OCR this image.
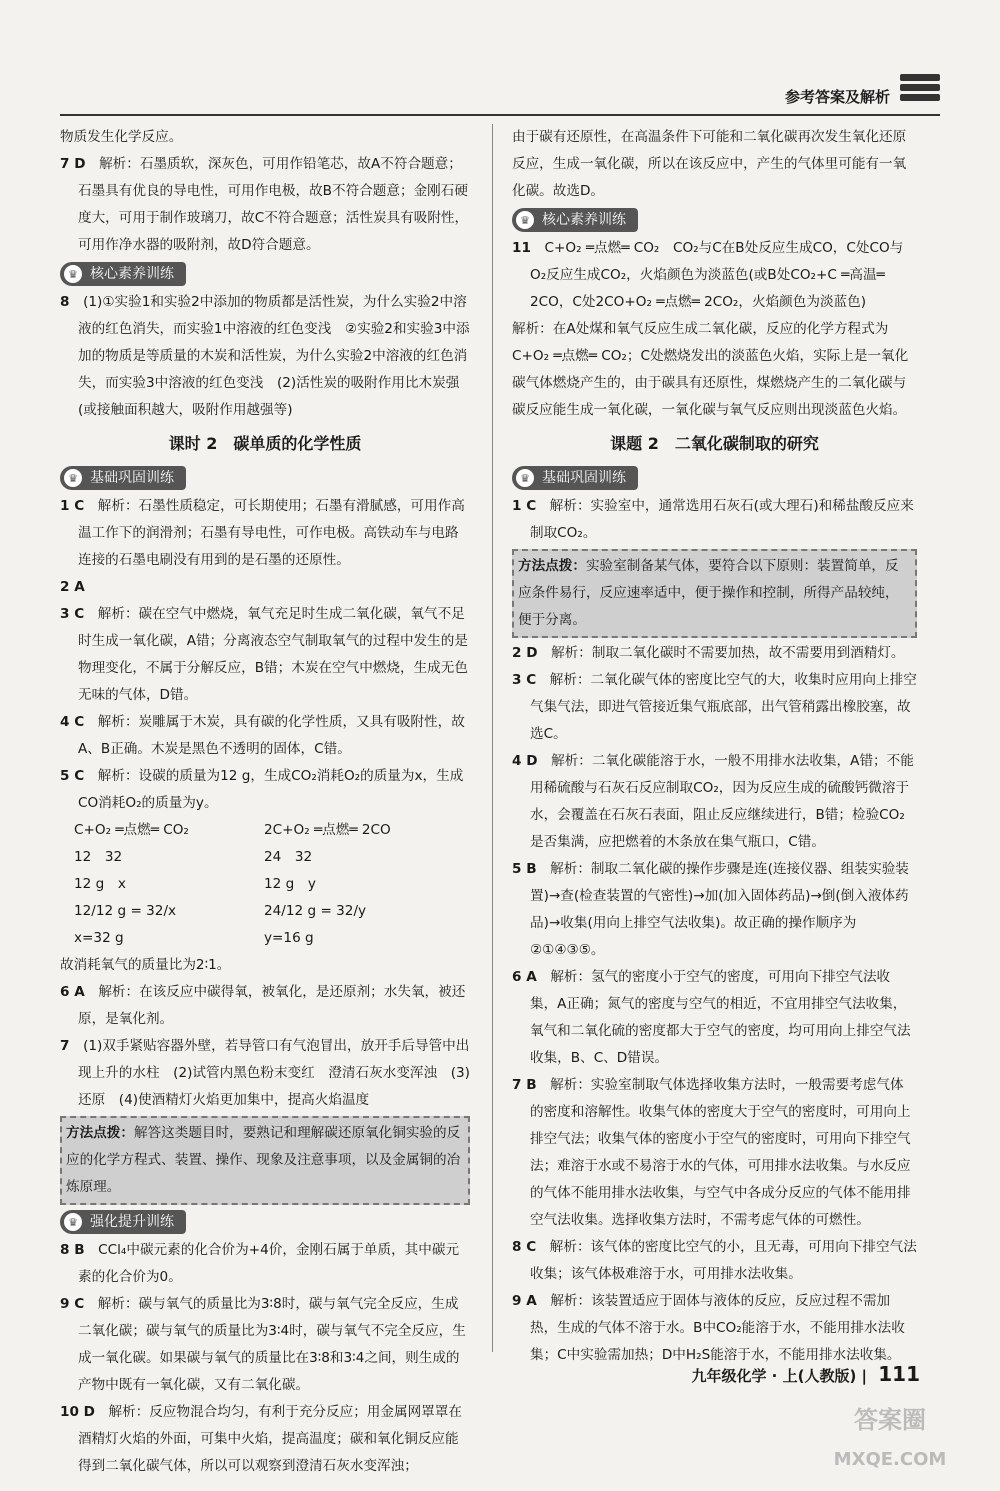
参考答案及解析

物质发生化学反应。

7 D　 解析：石墨质软，深灰色，可用作铅笔芯，故A不符合题意；石墨具有优良的导电性，可用作电极，故B不符合题意；金刚石硬度大，可用于制作玻璃刀，故C不符合题意；活性炭具有吸附性，可用作净水器的吸附剂，故D符合题意。

♛ 核心素养训练

8　 (1)①实验1和实验2中添加的物质都是活性炭，为什么实验2中溶液的红色消失，而实验1中溶液的红色变浅　②实验2和实验3中添加的物质是等质量的木炭和活性炭，为什么实验2中溶液的红色消失，而实验3中溶液的红色变浅　(2)活性炭的吸附作用比木炭强(或接触面积越大，吸附作用越强等)

课时 2　碳单质的化学性质
♛ 基础巩固训练

1 C　 解析：石墨性质稳定，可长期使用；石墨有滑腻感，可用作高温工作下的润滑剂；石墨有导电性，可作电极。高铁动车与电路连接的石墨电刷没有用到的是石墨的还原性。

2 A

3 C　 解析：碳在空气中燃烧，氧气充足时生成二氧化碳，氧气不足时生成一氧化碳，A错；分离液态空气制取氧气的过程中发生的是物理变化，不属于分解反应，B错；木炭在空气中燃烧，生成无色无味的气体，D错。

4 C　 解析：炭雕属于木炭，具有碳的化学性质，又具有吸附性，故A、B正确。木炭是黑色不透明的固体，C错。

5 C　 解析：设碳的质量为12 g，生成CO₂消耗O₂的质量为x，生成CO消耗O₂的质量为y。

C+O₂ ═点燃═ CO₂

12　32

12 g　x

12/12 g = 32/x　x=32 g

2C+O₂ ═点燃═ 2CO

24　32

12 g　y

24/12 g = 32/y　y=16 g

故消耗氧气的质量比为2∶1。

6 A　 解析：在该反应中碳得氧，被氧化，是还原剂；水失氧，被还原，是氧化剂。

7　 (1)双手紧贴容器外壁，若导管口有气泡冒出，放开手后导管中出现上升的水柱　(2)试管内黑色粉末变红　澄清石灰水变浑浊　(3)还原　(4)使酒精灯火焰更加集中，提高火焰温度

方法点拨：解答这类题目时，要熟记和理解碳还原氧化铜实验的反应的化学方程式、装置、操作、现象及注意事项，以及金属铜的冶炼原理。
♛ 强化提升训练

8 B　 CCl₄中碳元素的化合价为+4价，金刚石属于单质，其中碳元素的化合价为0。

9 C　 解析：碳与氧气的质量比为3∶8时，碳与氧气完全反应，生成二氧化碳；碳与氧气的质量比为3∶4时，碳与氧气不完全反应，生成一氧化碳。如果碳与氧气的质量比在3∶8和3∶4之间，则生成的产物中既有一氧化碳，又有二氧化碳。

10 D　 解析：反应物混合均匀，有利于充分反应；用金属网罩罩在酒精灯火焰的外面，可集中火焰，提高温度；碳和氧化铜反应能得到二氧化碳气体，所以可以观察到澄清石灰水变浑浊；

由于碳有还原性，在高温条件下可能和二氧化碳再次发生氧化还原反应，生成一氧化碳，所以在该反应中，产生的气体里可能有一氧化碳。故选D。

♛ 核心素养训练

11　 C+O₂ ═点燃═ CO₂　CO₂与C在B处反应生成CO，C处CO与O₂反应生成CO₂，火焰颜色为淡蓝色(或B处CO₂+C ═高温═ 2CO，C处2CO+O₂ ═点燃═ 2CO₂，火焰颜色为淡蓝色)

解析：在A处煤和氧气反应生成二氧化碳，反应的化学方程式为C+O₂ ═点燃═ CO₂；C处燃烧发出的淡蓝色火焰，实际上是一氧化碳气体燃烧产生的，由于碳具有还原性，煤燃烧产生的二氧化碳与碳反应能生成一氧化碳，一氧化碳与氧气反应则出现淡蓝色火焰。

课题 2　二氧化碳制取的研究
♛ 基础巩固训练

1 C　 解析：实验室中，通常选用石灰石(或大理石)和稀盐酸反应来制取CO₂。

方法点拨：实验室制备某气体，要符合以下原则：装置简单，反应条件易行，反应速率适中，便于操作和控制，所得产品较纯，便于分离。

2 D　 解析：制取二氧化碳时不需要加热，故不需要用到酒精灯。

3 C　 解析：二氧化碳气体的密度比空气的大，收集时应用向上排空气集气法，即进气管接近集气瓶底部，出气管稍露出橡胶塞，故选C。

4 D　 解析：二氧化碳能溶于水，一般不用排水法收集，A错；不能用稀硫酸与石灰石反应制取CO₂，因为反应生成的硫酸钙微溶于水，会覆盖在石灰石表面，阻止反应继续进行，B错；检验CO₂是否集满，应把燃着的木条放在集气瓶口，C错。

5 B　 解析：制取二氧化碳的操作步骤是连(连接仪器、组装实验装置)→查(检查装置的气密性)→加(加入固体药品)→倒(倒入液体药品)→收集(用向上排空气法收集)。故正确的操作顺序为②①④③⑤。

6 A　 解析：氢气的密度小于空气的密度，可用向下排空气法收集，A正确；氮气的密度与空气的相近，不宜用排空气法收集，氧气和二氧化硫的密度都大于空气的密度，均可用向上排空气法收集，B、C、D错误。

7 B　 解析：实验室制取气体选择收集方法时，一般需要考虑气体的密度和溶解性。收集气体的密度大于空气的密度时，可用向上排空气法；收集气体的密度小于空气的密度时，可用向下排空气法；难溶于水或不易溶于水的气体，可用排水法收集。与水反应的气体不能用排水法收集，与空气中各成分反应的气体不能用排空气法收集。选择收集方法时，不需考虑气体的可燃性。

8 C　 解析：该气体的密度比空气的小，且无毒，可用向下排空气法收集；该气体极难溶于水，可用排水法收集。

9 A　 解析：该装置适应于固体与液体的反应，反应过程不需加热，生成的气体不溶于水。B中CO₂能溶于水，不能用排水法收集；C中实验需加热；D中H₂S能溶于水，不能用排水法收集。

九年级化学 · 上(人教版) | 111
答案圈
MXQE.COM
